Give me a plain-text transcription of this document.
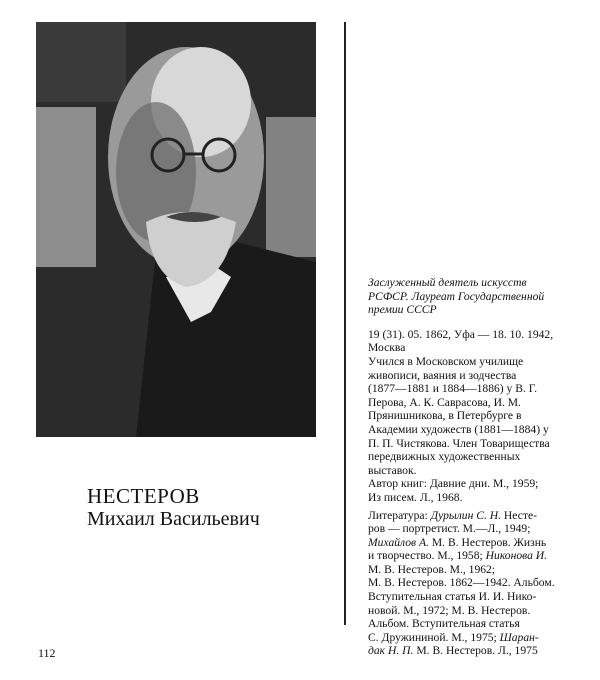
НЕСТЕРОВ
Михаил Васильевич
Заслуженный деятель искусств
РСФСР. Лауреат Государственной
премии СССР
19 (31). 05. 1862, Уфа — 18. 10. 1942,
Москва
Учился в Московском училище
живописи, ваяния и зодчества
(1877—1881 и 1884—1886) у В. Г.
Перова, А. К. Саврасова, И. М.
Прянишникова, в Петербурге в
Академии художеств (1881—1884) у
П. П. Чистякова. Член Товарищества
передвижных художественных
выставок.
Автор книг: Давние дни. М., 1959;
Из писем. Л., 1968.
Литература: Дурылин С. Н. Несте-
ров — портретист. М.—Л., 1949;
Михайлов А. М. В. Нестеров. Жизнь
и творчество. М., 1958; Никонова И.
М. В. Нестеров. М., 1962;
М. В. Нестеров. 1862—1942. Альбом.
Вступительная статья И. И. Нико-
новой. М., 1972; М. В. Нестеров.
Альбом. Вступительная статья
С. Дружининой. М., 1975; Шаран-
дак Н. П. М. В. Нестеров. Л., 1975
112
